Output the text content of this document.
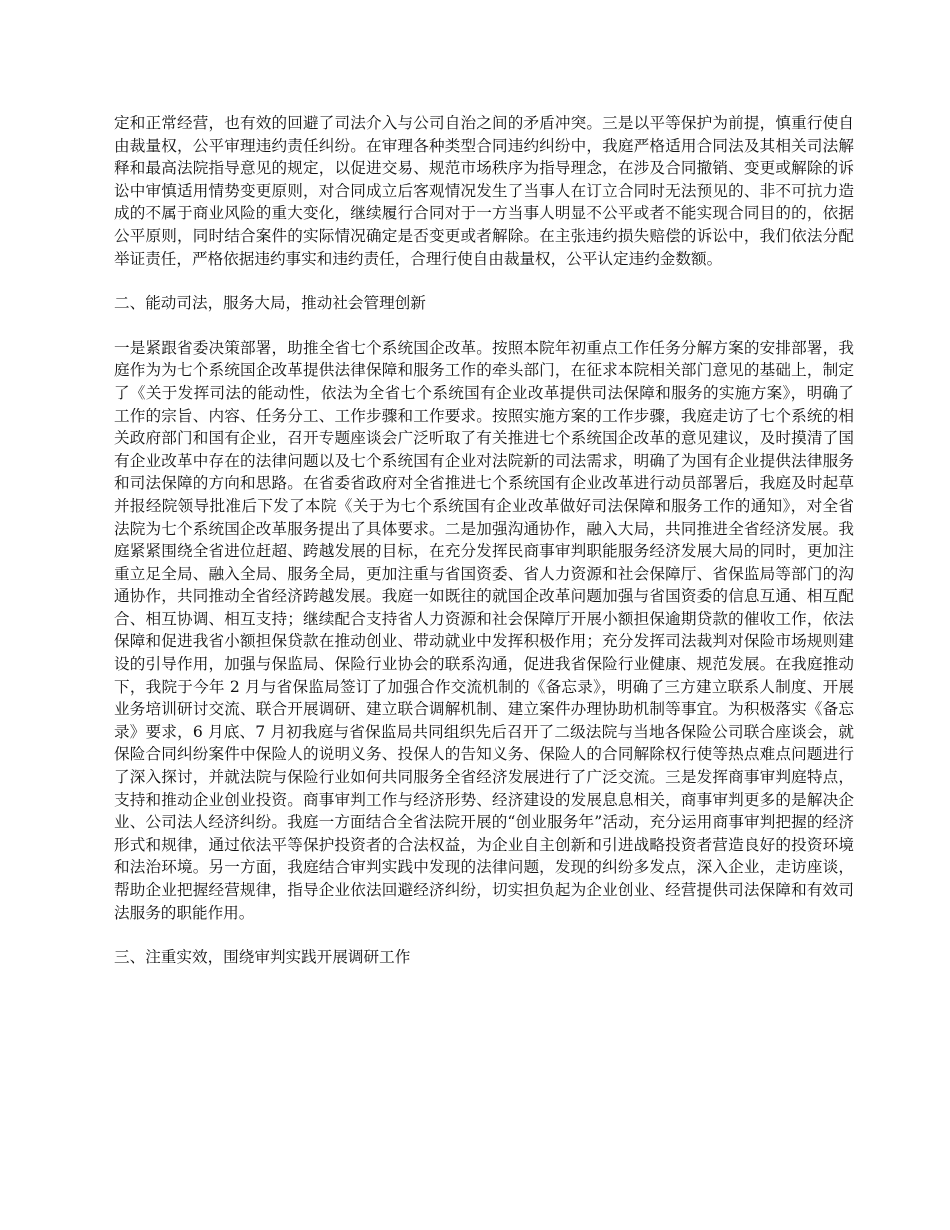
定和正常经营，也有效的回避了司法介入与公司自治之间的矛盾冲突。三是以平等保护为前提，慎重行使自由裁量权，公平审理违约责任纠纷。在审理各种类型合同违约纠纷中，我庭严格适用合同法及其相关司法解释和最高法院指导意见的规定，以促进交易、规范市场秩序为指导理念，在涉及合同撤销、变更或解除的诉讼中审慎适用情势变更原则，对合同成立后客观情况发生了当事人在订立合同时无法预见的、非不可抗力造成的不属于商业风险的重大变化，继续履行合同对于一方当事人明显不公平或者不能实现合同目的的，依据公平原则，同时结合案件的实际情况确定是否变更或者解除。在主张违约损失赔偿的诉讼中，我们依法分配举证责任，严格依据违约事实和违约责任，合理行使自由裁量权，公平认定违约金数额。

二、能动司法，服务大局，推动社会管理创新

一是紧跟省委决策部署，助推全省七个系统国企改革。按照本院年初重点工作任务分解方案的安排部署，我庭作为为七个系统国企改革提供法律保障和服务工作的牵头部门，在征求本院相关部门意见的基础上，制定了《关于发挥司法的能动性，依法为全省七个系统国有企业改革提供司法保障和服务的实施方案》，明确了工作的宗旨、内容、任务分工、工作步骤和工作要求。按照实施方案的工作步骤，我庭走访了七个系统的相关政府部门和国有企业，召开专题座谈会广泛听取了有关推进七个系统国企改革的意见建议，及时摸清了国有企业改革中存在的法律问题以及七个系统国有企业对法院新的司法需求，明确了为国有企业提供法律服务和司法保障的方向和思路。在省委省政府对全省推进七个系统国有企业改革进行动员部署后，我庭及时起草并报经院领导批准后下发了本院《关于为七个系统国有企业改革做好司法保障和服务工作的通知》，对全省法院为七个系统国企改革服务提出了具体要求。二是加强沟通协作，融入大局，共同推进全省经济发展。我庭紧紧围绕全省进位赶超、跨越发展的目标，在充分发挥民商事审判职能服务经济发展大局的同时，更加注重立足全局、融入全局、服务全局，更加注重与省国资委、省人力资源和社会保障厅、省保监局等部门的沟通协作，共同推动全省经济跨越发展。我庭一如既往的就国企改革问题加强与省国资委的信息互通、相互配合、相互协调、相互支持；继续配合支持省人力资源和社会保障厅开展小额担保逾期贷款的催收工作，依法保障和促进我省小额担保贷款在推动创业、带动就业中发挥积极作用；充分发挥司法裁判对保险市场规则建设的引导作用，加强与保监局、保险行业协会的联系沟通，促进我省保险行业健康、规范发展。在我庭推动下，我院于今年 2 月与省保监局签订了加强合作交流机制的《备忘录》，明确了三方建立联系人制度、开展业务培训研讨交流、联合开展调研、建立联合调解机制、建立案件办理协助机制等事宜。为积极落实《备忘录》要求，6 月底、7 月初我庭与省保监局共同组织先后召开了二级法院与当地各保险公司联合座谈会，就保险合同纠纷案件中保险人的说明义务、投保人的告知义务、保险人的合同解除权行使等热点难点问题进行了深入探讨，并就法院与保险行业如何共同服务全省经济发展进行了广泛交流。三是发挥商事审判庭特点，支持和推动企业创业投资。商事审判工作与经济形势、经济建设的发展息息相关，商事审判更多的是解决企业、公司法人经济纠纷。我庭一方面结合全省法院开展的“创业服务年”活动，充分运用商事审判把握的经济形式和规律，通过依法平等保护投资者的合法权益，为企业自主创新和引进战略投资者营造良好的投资环境和法治环境。另一方面，我庭结合审判实践中发现的法律问题，发现的纠纷多发点，深入企业，走访座谈，帮助企业把握经营规律，指导企业依法回避经济纠纷，切实担负起为企业创业、经营提供司法保障和有效司法服务的职能作用。

三、注重实效，围绕审判实践开展调研工作
